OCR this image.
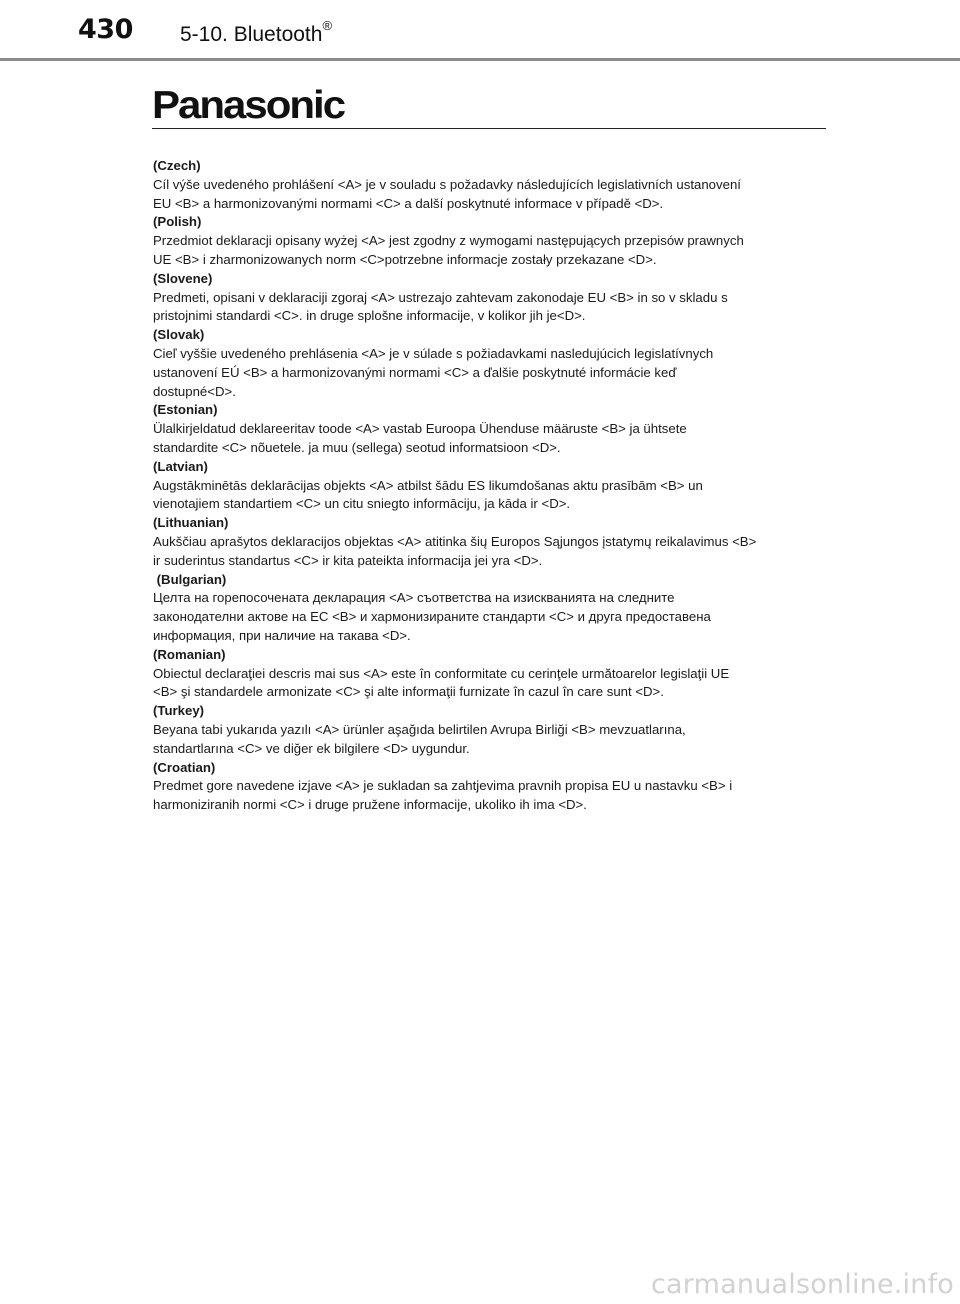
430 5-10. Bluetooth®
Panasonic
(Czech)
Cíl výše uvedeného prohlášení <A> je v souladu s požadavky následujících legislativních ustanovení
EU <B> a harmonizovanými normami <C> a další poskytnuté informace v případě <D>.
(Polish)
Przedmiot deklaracji opisany wyżej <A> jest zgodny z wymogami następujących przepisów prawnych
UE <B> i zharmonizowanych norm <C>potrzebne informacje zostały przekazane <D>.
(Slovene)
Predmeti, opisani v deklaraciji zgoraj <A> ustrezajo zahtevam zakonodaje EU <B> in so v skladu s
pristojnimi standardi <C>. in druge splošne informacije, v kolikor jih je<D>.
(Slovak)
Cieľ vyššie uvedeného prehlásenia <A> je v súlade s požiadavkami nasledujúcich legislatívnych
ustanovení EÚ <B> a harmonizovanými normami <C> a ďalšie poskytnuté informácie keď
dostupné<D>.
(Estonian)
Ülalkirjeldatud deklareeritav toode <A> vastab Euroopa Ühenduse määruste <B> ja ühtsete
standardite <C> nõuetele. ja muu (sellega) seotud informatsioon <D>.
(Latvian)
Augstākminētās deklarācijas objekts <A> atbilst šādu ES likumdošanas aktu prasībām <B> un
vienotajiem standartiem <C> un citu sniegto informāciju, ja kāda ir <D>.
(Lithuanian)
Aukščiau aprašytos deklaracijos objektas <A> atitinka šių Europos Sąjungos įstatymų reikalavimus <B>
ir suderintus standartus <C> ir kita pateikta informacija jei yra <D>.
(Bulgarian)
Целта на горепосочената декларация <A> съответства на изискванията на следните
законодателни актове на ЕС <B> и хармонизираните стандарти <C> и друга предоставена
информация, при наличие на такава <D>.
(Romanian)
Obiectul declaraţiei descris mai sus <A> este în conformitate cu cerinţele următoarelor legislaţii UE
<B> şi standardele armonizate <C> şi alte informaţii furnizate în cazul în care sunt <D>.
(Turkey)
Beyana tabi yukarıda yazılı <A> ürünler aşağıda belirtilen Avrupa Birliği <B> mevzuatlarına,
standartlarına <C> ve diğer ek bilgilere <D> uygundur.
(Croatian)
Predmet gore navedene izjave <A> je sukladan sa zahtjevima pravnih propisa EU u nastavku <B> i
harmoniziranih normi <C> i druge pružene informacije, ukoliko ih ima <D>.
carmanualsonline.info
